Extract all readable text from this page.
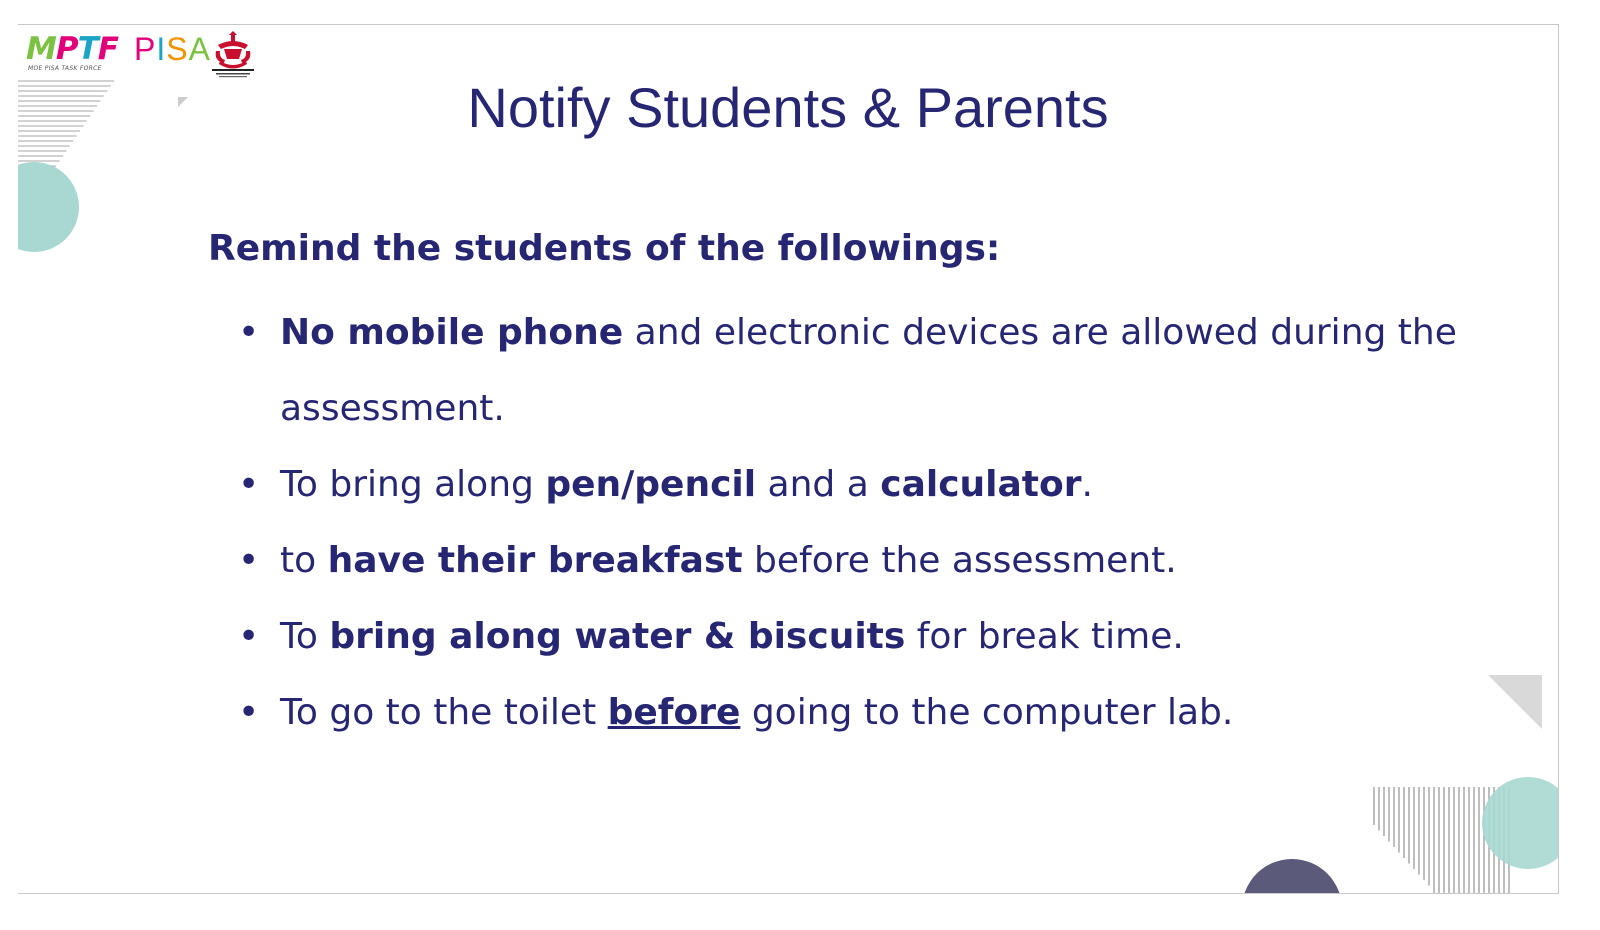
MPTF
MOE PISA TASK FORCE
PISA
Notify Students & Parents

Remind the students of the followings:

• No mobile phone and electronic devices are allowed during the assessment.
• To bring along pen/pencil and a calculator.
• to have their breakfast before the assessment.
• To bring along water & biscuits for break time.
• To go to the toilet before going to the computer lab.
